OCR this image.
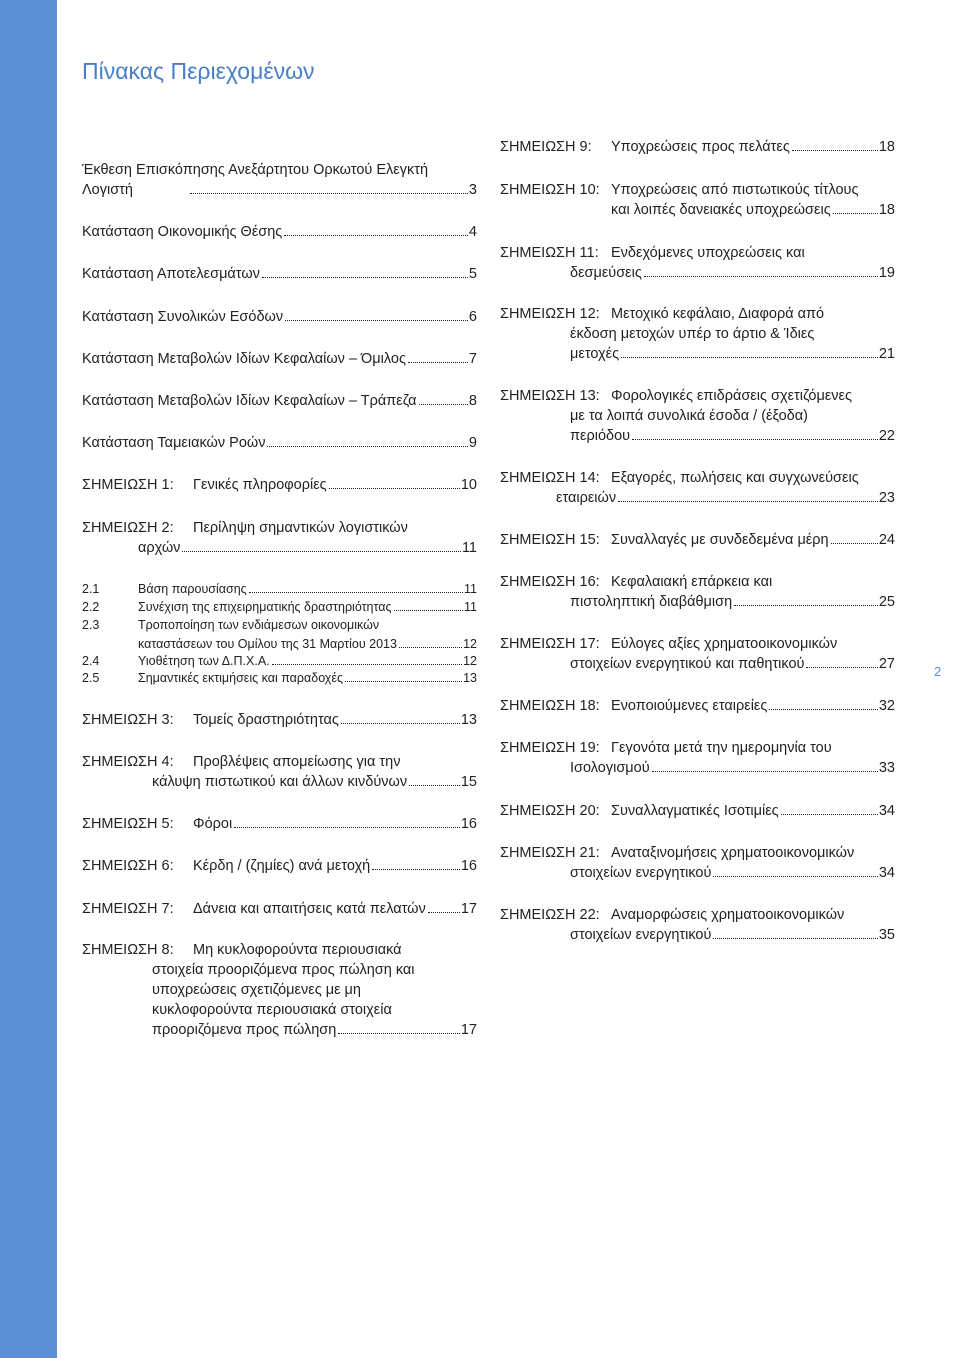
Πίνακας Περιεχομένων
2
Έκθεση Επισκόπησης Ανεξάρτητου Ορκωτού Ελεγκτή
Λογιστή	3
Κατάσταση Οικονομικής Θέσης	4
Κατάσταση Αποτελεσμάτων	5
Κατάσταση Συνολικών Εσόδων	6
Κατάσταση Μεταβολών Ιδίων Κεφαλαίων – Όμιλος	7
Κατάσταση Μεταβολών Ιδίων Κεφαλαίων – Τράπεζα	8
Κατάσταση Ταμειακών Ροών	9
ΣΗΜΕΙΩΣΗ 1:	Γενικές πληροφορίες	10
ΣΗΜΕΙΩΣΗ 2: Περίληψη σημαντικών λογιστικών
αρχών	11
2.1	Βάση παρουσίασης	11
2.2	Συνέχιση της επιχειρηματικής δραστηριότητας	11
2.3	Τροποποίηση των ενδιάμεσων οικονομικών
καταστάσεων του Ομίλου της 31 Μαρτίου 2013	12
2.4	Υιοθέτηση των Δ.Π.Χ.Α.	12
2.5	Σημαντικές εκτιμήσεις και παραδοχές	13
ΣΗΜΕΙΩΣΗ 3:	Τομείς δραστηριότητας	13
ΣΗΜΕΙΩΣΗ 4: Προβλέψεις απομείωσης για την
κάλυψη πιστωτικού και άλλων κινδύνων	15
ΣΗΜΕΙΩΣΗ 5:	Φόροι	16
ΣΗΜΕΙΩΣΗ 6:	Κέρδη / (ζημίες) ανά μετοχή	16
ΣΗΜΕΙΩΣΗ 7:	Δάνεια και απαιτήσεις κατά πελατών 17
ΣΗΜΕΙΩΣΗ 8: Μη κυκλοφορούντα περιουσιακά
στοιχεία προοριζόμενα προς πώληση και
υποχρεώσεις σχετιζόμενες με μη
κυκλοφορούντα περιουσιακά στοιχεία
προοριζόμενα προς πώληση	17
ΣΗΜΕΙΩΣΗ 9:	Υποχρεώσεις προς πελάτες	18
ΣΗΜΕΙΩΣΗ 10: Υποχρεώσεις από πιστωτικούς τίτλους
και λοιπές δανειακές υποχρεώσεις	18
ΣΗΜΕΙΩΣΗ 11: Ενδεχόμενες υποχρεώσεις και
δεσμεύσεις	19
ΣΗΜΕΙΩΣΗ 12: Μετοχικό κεφάλαιο, Διαφορά από
έκδοση μετοχών υπέρ το άρτιο & Ίδιες
μετοχές	21
ΣΗΜΕΙΩΣΗ 13: Φορολογικές επιδράσεις σχετιζόμενες
με τα λοιπά συνολικά έσοδα / (έξοδα)
περιόδου	22
ΣΗΜΕΙΩΣΗ 14: Εξαγορές, πωλήσεις και συγχωνεύσεις
εταιρειών	23
ΣΗΜΕΙΩΣΗ 15: Συναλλαγές με συνδεδεμένα μέρη	24
ΣΗΜΕΙΩΣΗ 16: Κεφαλαιακή επάρκεια και
πιστοληπτική διαβάθμιση	25
ΣΗΜΕΙΩΣΗ 17: Εύλογες αξίες χρηματοοικονομικών
στοιχείων ενεργητικού και παθητικού	27
ΣΗΜΕΙΩΣΗ 18: Ενοποιούμενες εταιρείες	32
ΣΗΜΕΙΩΣΗ 19: Γεγονότα μετά την ημερομηνία του
Ισολογισμού	33
ΣΗΜΕΙΩΣΗ 20: Συναλλαγματικές Ισοτιμίες	34
ΣΗΜΕΙΩΣΗ 21: Αναταξινομήσεις χρηματοοικονομικών
στοιχείων ενεργητικού	34
ΣΗΜΕΙΩΣΗ 22: Αναμορφώσεις χρηματοοικονομικών
στοιχείων ενεργητικού	35
